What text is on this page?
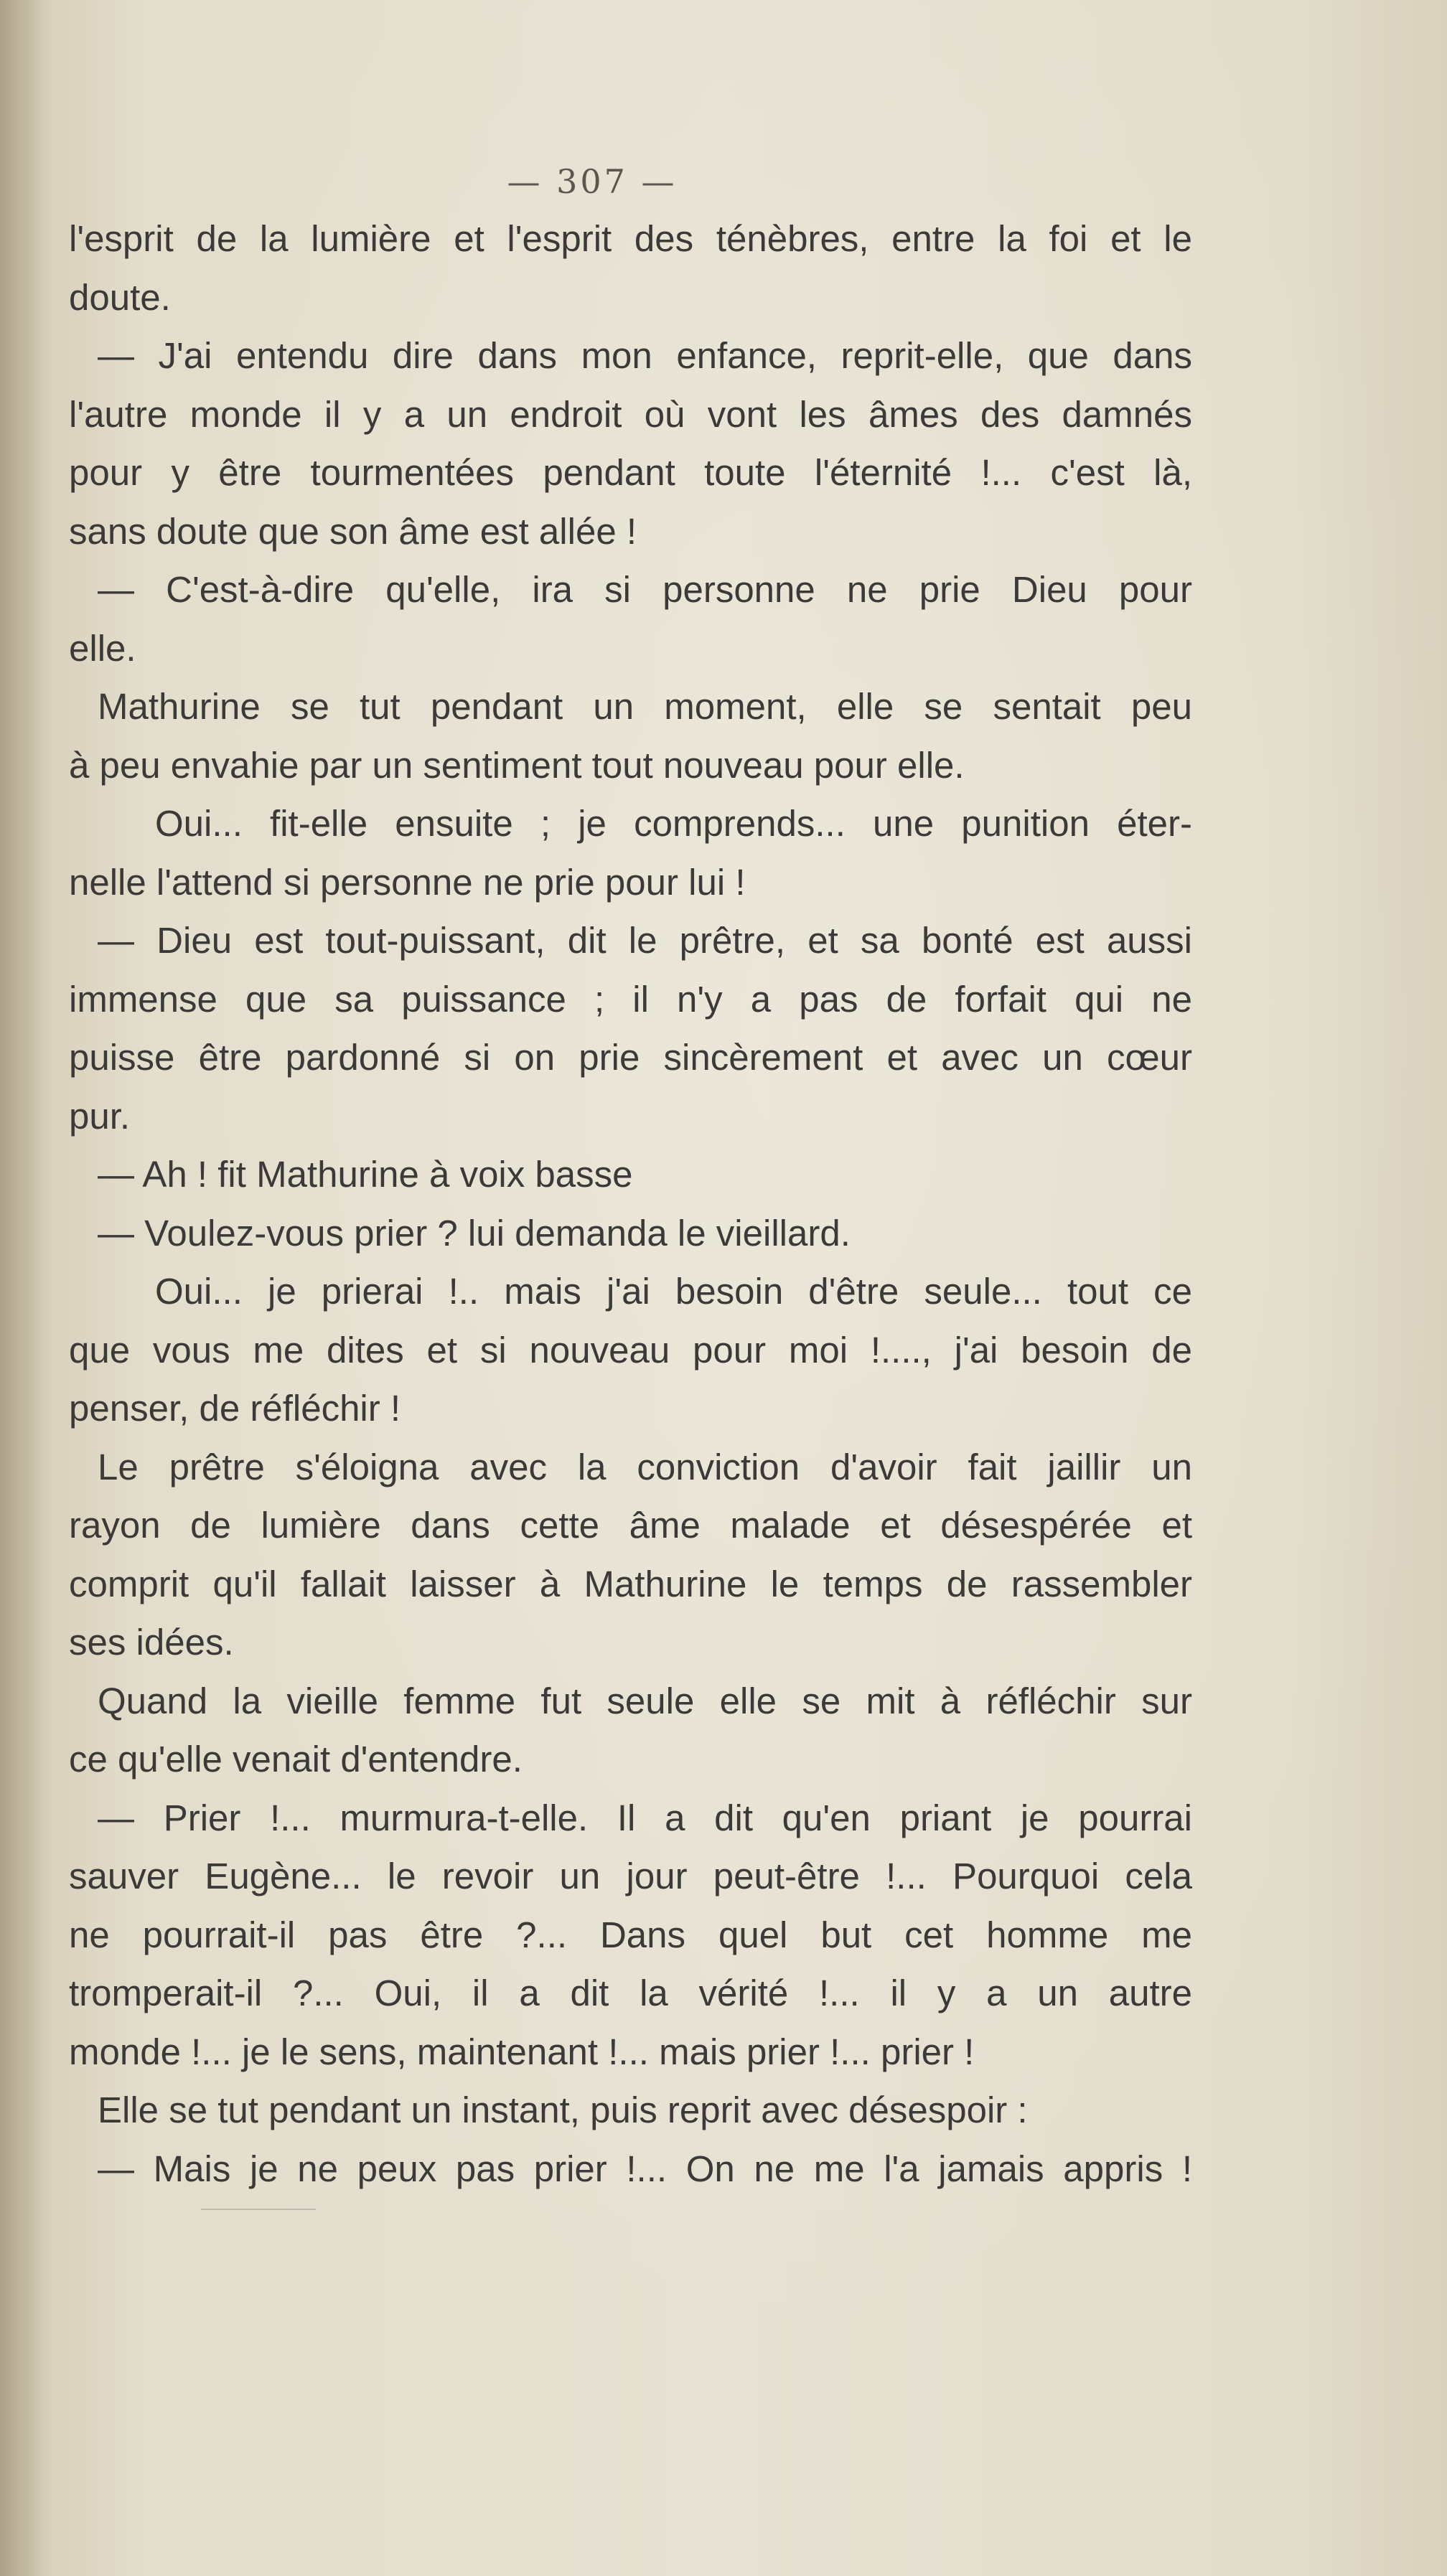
— 307 —
l'esprit de la lumière et l'esprit des ténèbres, entre la foi et le
doute.
— J'ai entendu dire dans mon enfance, reprit-elle, que dans
l'autre monde il y a un endroit où vont les âmes des damnés
pour y être tourmentées pendant toute l'éternité !... c'est là,
sans doute que son âme est allée !
— C'est-à-dire qu'elle, ira si personne ne prie Dieu pour
elle.
Mathurine se tut pendant un moment, elle se sentait peu
à peu envahie par un sentiment tout nouveau pour elle.
Oui... fit-elle ensuite ; je comprends... une punition éter-
nelle l'attend si personne ne prie pour lui !
— Dieu est tout-puissant, dit le prêtre, et sa bonté est aussi
immense que sa puissance ; il n'y a pas de forfait qui ne
puisse être pardonné si on prie sincèrement et avec un cœur
pur.
— Ah ! fit Mathurine à voix basse
— Voulez-vous prier ? lui demanda le vieillard.
Oui... je prierai !.. mais j'ai besoin d'être seule... tout ce
que vous me dites et si nouveau pour moi !...., j'ai besoin de
penser, de réfléchir !
Le prêtre s'éloigna avec la conviction d'avoir fait jaillir un
rayon de lumière dans cette âme malade et désespérée et
comprit qu'il fallait laisser à Mathurine le temps de rassembler
ses idées.
Quand la vieille femme fut seule elle se mit à réfléchir sur
ce qu'elle venait d'entendre.
— Prier !... murmura-t-elle. Il a dit qu'en priant je pourrai
sauver Eugène... le revoir un jour peut-être !... Pourquoi cela
ne pourrait-il pas être ?... Dans quel but cet homme me
tromperait-il ?... Oui, il a dit la vérité !... il y a un autre
monde !... je le sens, maintenant !... mais prier !... prier !
Elle se tut pendant un instant, puis reprit avec désespoir :
— Mais je ne peux pas prier !... On ne me l'a jamais appris !
